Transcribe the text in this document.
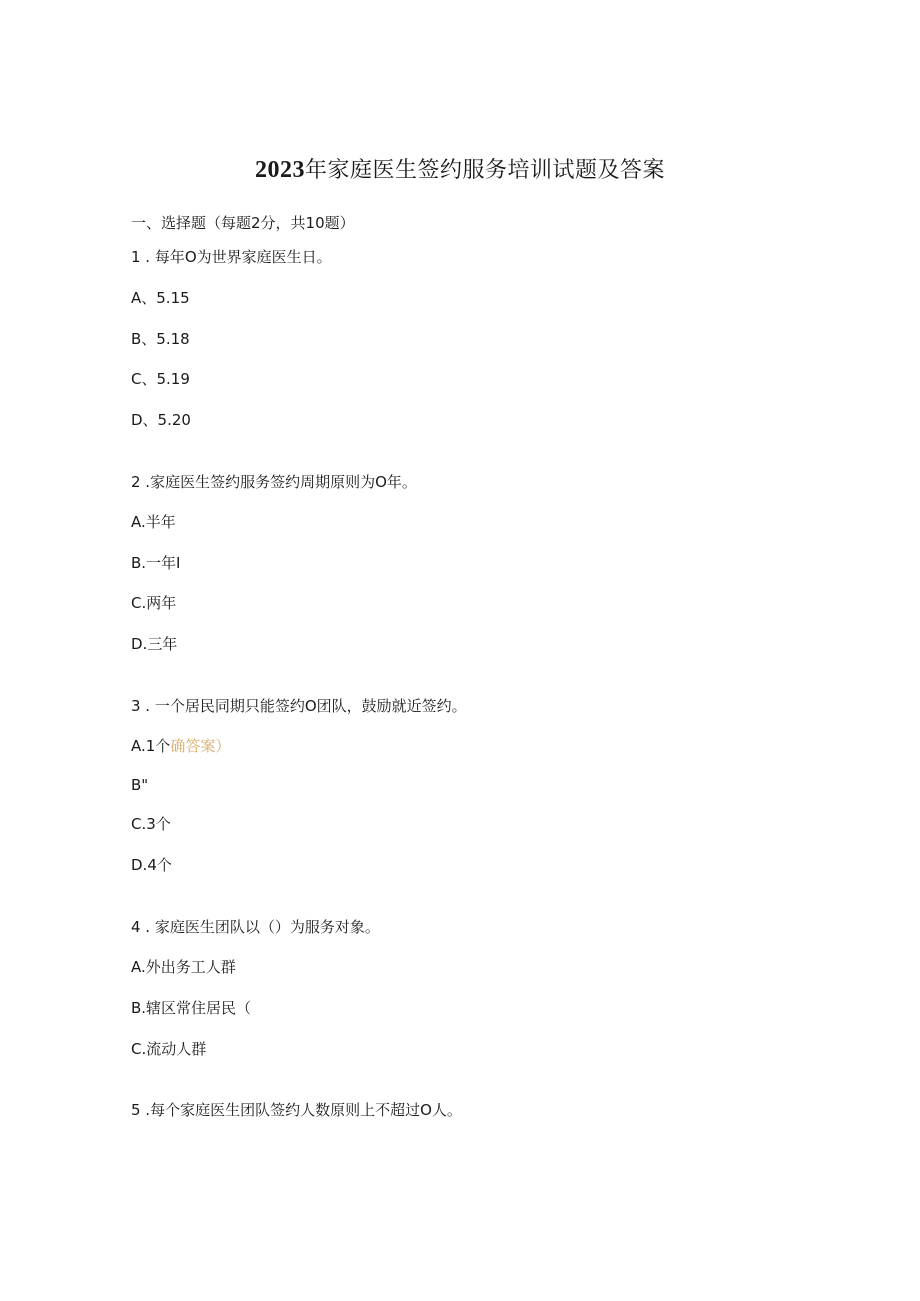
2023年家庭医生签约服务培训试题及答案
一、选择题（每题2分，共10题）
1 . 每年O为世界家庭医生日。
A、5.15
B、5.18
C、5.19
D、5.20
2 .家庭医生签约服务签约周期原则为O年。
A.半年
B.一年I
C.两年
D.三年
3 . 一个居民同期只能签约O团队，鼓励就近签约。
A.1个确答案）
B"
C.3个
D.4个
4 . 家庭医生团队以（）为服务对象。
A.外出务工人群
B.辖区常住居民（
C.流动人群
5 .每个家庭医生团队签约人数原则上不超过O人。
